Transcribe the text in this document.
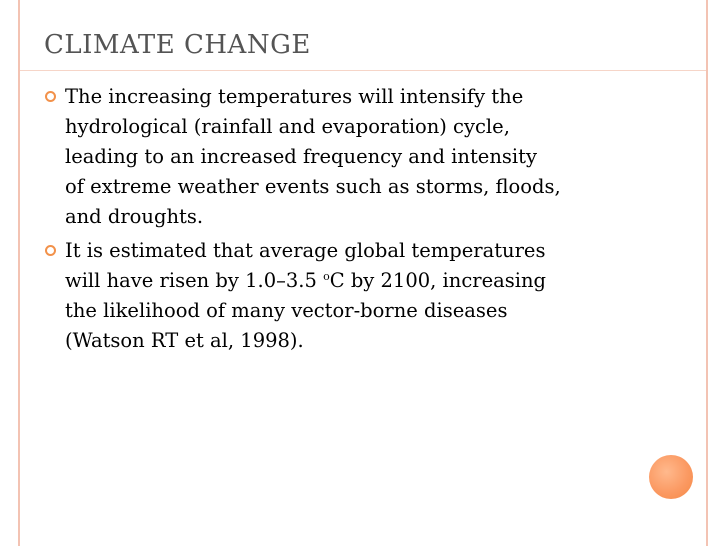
CLIMATE CHANGE
The increasing temperatures will intensify the
hydrological (rainfall and evaporation) cycle,
leading to an increased frequency and intensity
of extreme weather events such as storms, floods,
and droughts.
It is estimated that average global temperatures
will have risen by 1.0–3.5 $^o$C by 2100, increasing
the likelihood of many vector-borne diseases
(Watson RT et al, 1998).
